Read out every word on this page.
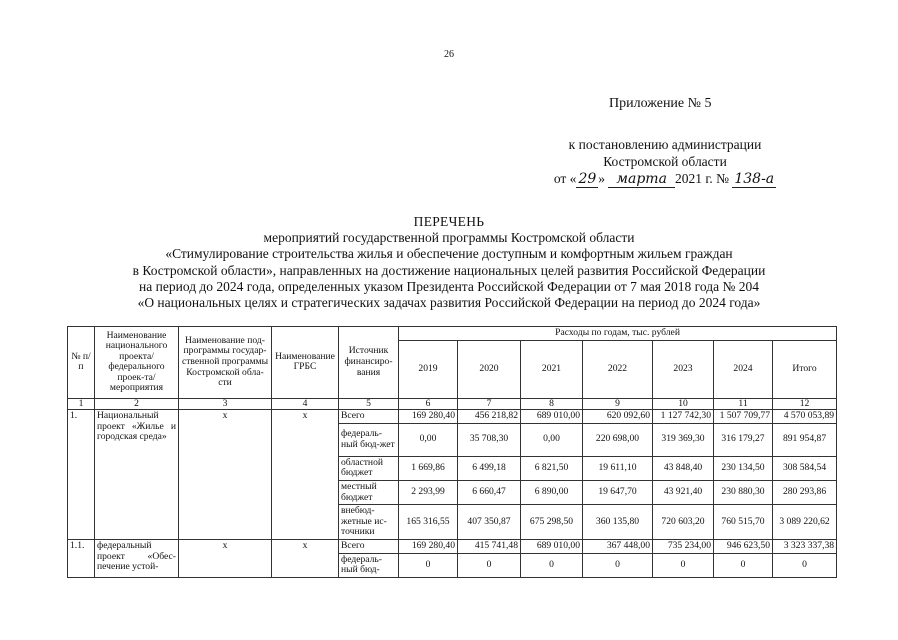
26
Приложение № 5
к постановлению администрации
Костромской области
от « 29 » марта 2021 г. № 138-а
ПЕРЕЧЕНЬ
мероприятий государственной программы Костромской области
«Стимулирование строительства жилья и обеспечение доступным и комфортным жильем граждан
в Костромской области», направленных на достижение национальных целей развития Российской Федерации
на период до 2024 года, определенных указом Президента Российской Федерации от 7 мая 2018 года № 204
«О национальных целях и стратегических задачах развития Российской Федерации на период до 2024 года»
№ п/п	Наименование национального проекта/ федерального проек-та/мероприятия	Наименование под-программы государ-ственной программы Костромской обла-сти	Наименование ГРБС	Источник финансиро-вания	Расходы по годам, тыс. рублей						
					2019	2020	2021	2022	2023	2024	Итого
1	2	3	4	5	6	7	8	9	10	11	12
1.	Национальный проект «Жилье и городская среда»	х	х	Всего	169 280,40	456 218,82	689 010,00	620 092,60	1 127 742,30	1 507 709,77	4 570 053,89
				федераль-ный бюд-жет	0,00	35 708,30	0,00	220 698,00	319 369,30	316 179,27	891 954,87
				областной бюджет	1 669,86	6 499,18	6 821,50	19 611,10	43 848,40	230 134,50	308 584,54
				местный бюджет	2 293,99	6 660,47	6 890,00	19 647,70	43 921,40	230 880,30	280 293,86
				внебюд-жетные ис-точники	165 316,55	407 350,87	675 298,50	360 135,80	720 603,20	760 515,70	3 089 220,62
1.1.	федеральный проект «Обес-печение устой-	х	х	Всего	169 280,40	415 741,48	689 010,00	367 448,00	735 234,00	946 623,50	3 323 337,38
				федераль-ный бюд-	0	0	0	0	0	0	0
